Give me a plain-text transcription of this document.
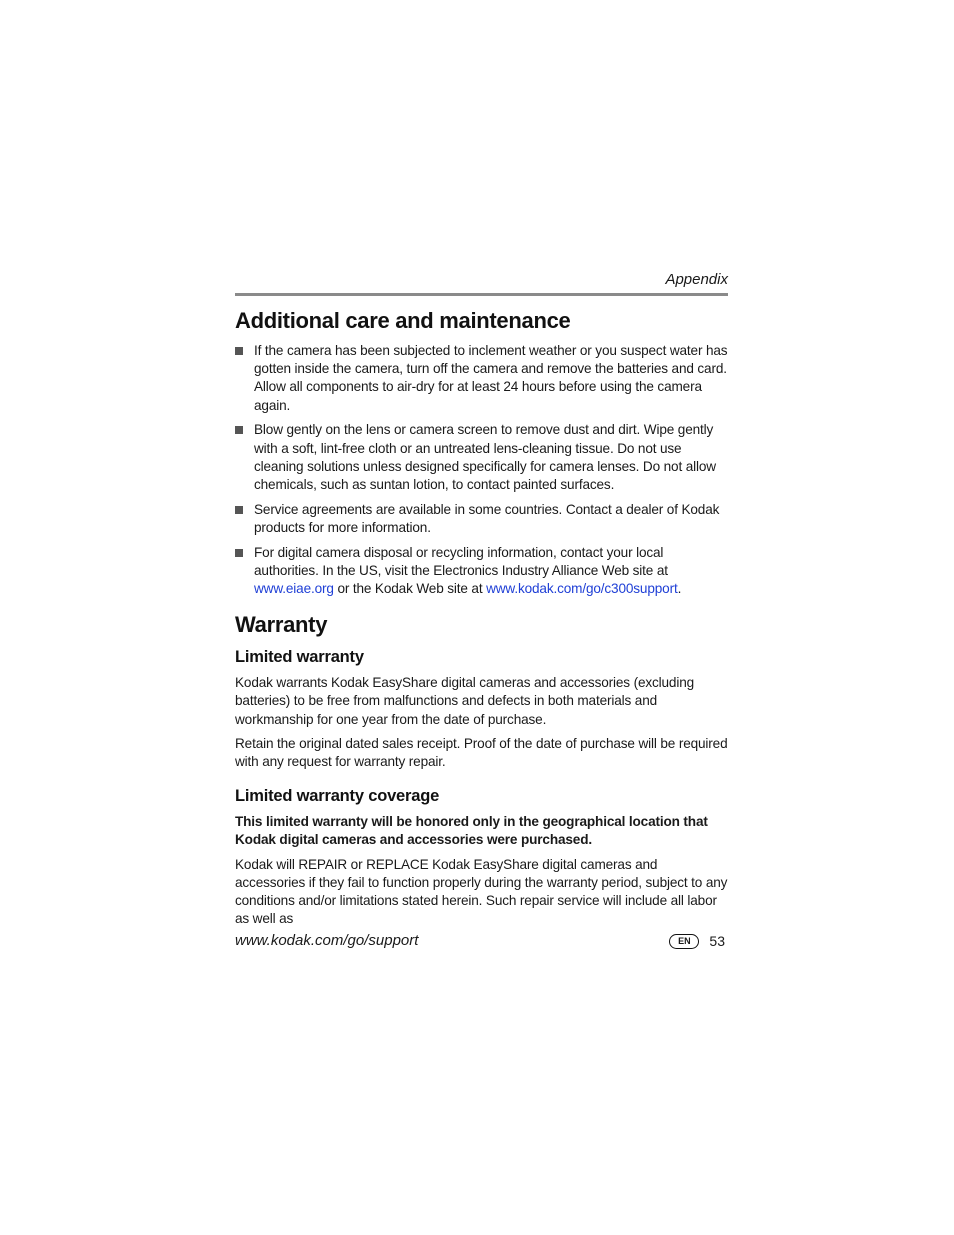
Appendix
Additional care and maintenance
If the camera has been subjected to inclement weather or you suspect water has gotten inside the camera, turn off the camera and remove the batteries and card. Allow all components to air-dry for at least 24 hours before using the camera again.
Blow gently on the lens or camera screen to remove dust and dirt. Wipe gently with a soft, lint-free cloth or an untreated lens-cleaning tissue. Do not use cleaning solutions unless designed specifically for camera lenses. Do not allow chemicals, such as suntan lotion, to contact painted surfaces.
Service agreements are available in some countries. Contact a dealer of Kodak products for more information.
For digital camera disposal or recycling information, contact your local authorities. In the US, visit the Electronics Industry Alliance Web site at www.eiae.org or the Kodak Web site at www.kodak.com/go/c300support.
Warranty
Limited warranty

Kodak warrants Kodak EasyShare digital cameras and accessories (excluding batteries) to be free from malfunctions and defects in both materials and workmanship for one year from the date of purchase.

Retain the original dated sales receipt. Proof of the date of purchase will be required with any request for warranty repair.

Limited warranty coverage

This limited warranty will be honored only in the geographical location that Kodak digital cameras and accessories were purchased.

Kodak will REPAIR or REPLACE Kodak EasyShare digital cameras and accessories if they fail to function properly during the warranty period, subject to any conditions and/or limitations stated herein. Such repair service will include all labor as well as

www.kodak.com/go/support	EN	53
